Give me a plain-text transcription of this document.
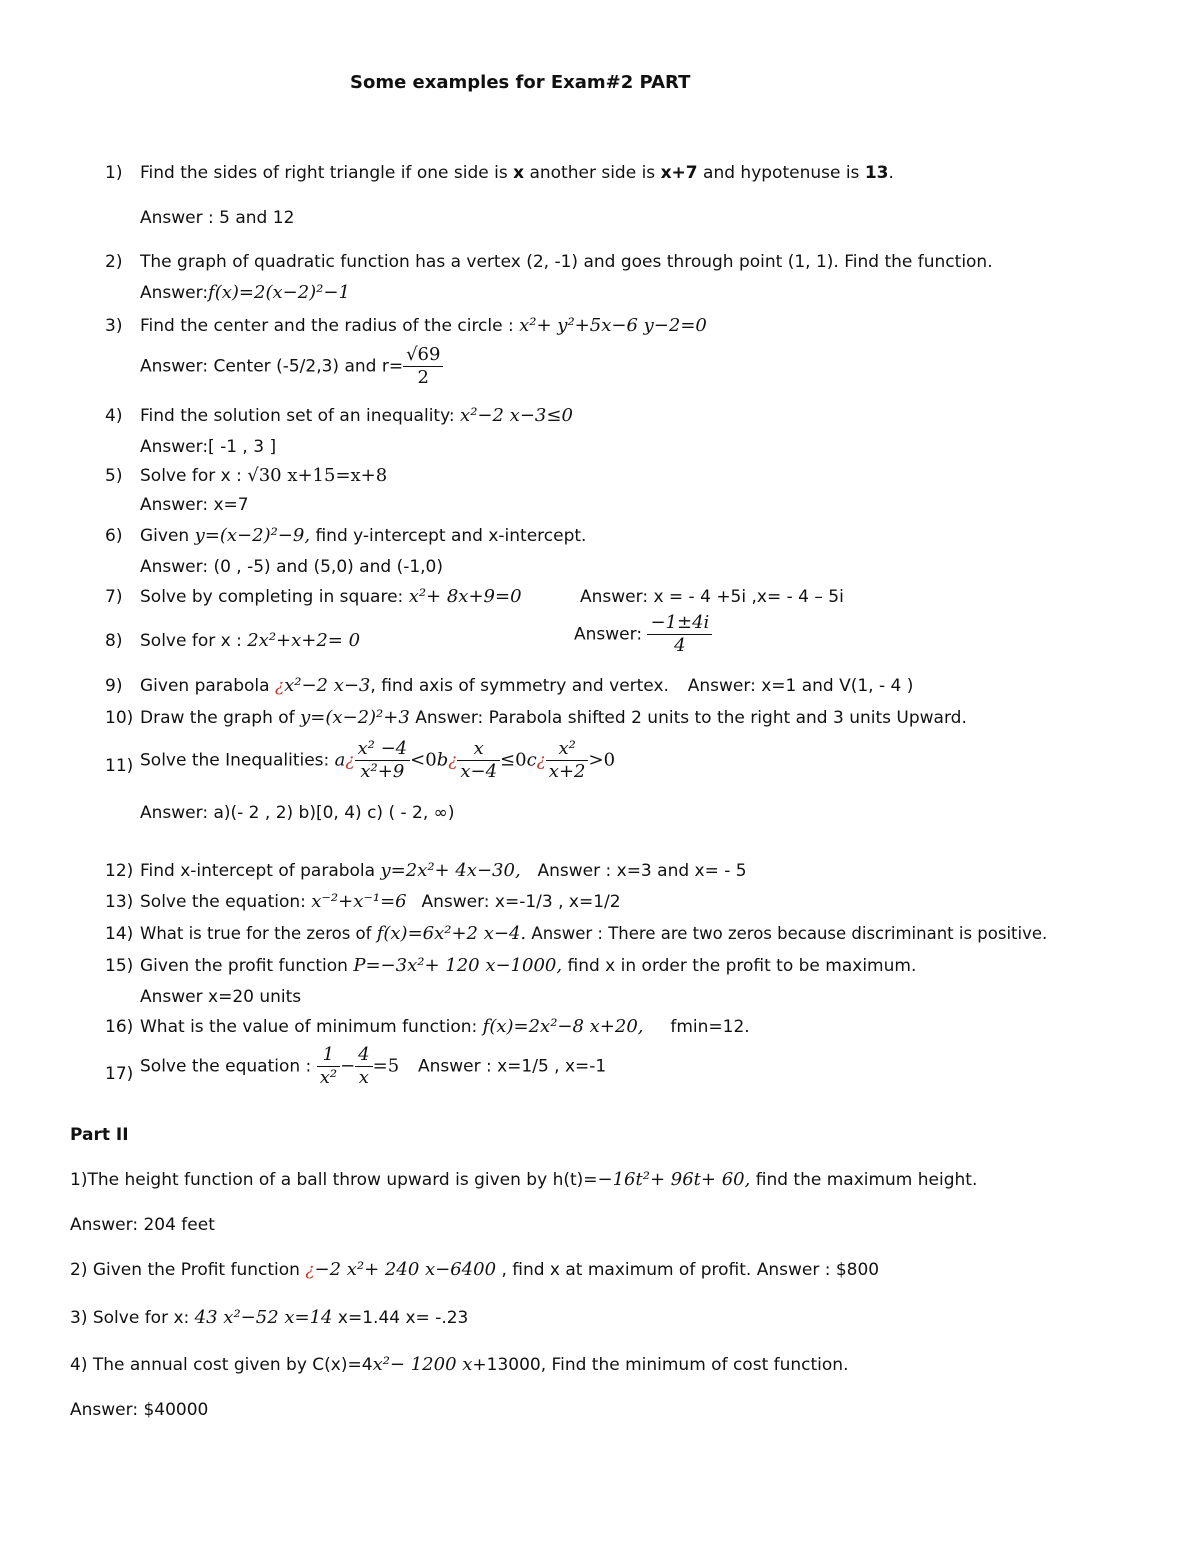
Some examples for Exam#2 PART
1)	Find the sides of right triangle if one side is x another side is x+7 and hypotenuse is 13.
Answer : 5 and 12
2)	The graph of quadratic function has a vertex (2, -1) and goes through point (1, 1). Find the function.
Answer:f(x)=2(x−2)²−1
3)	Find the center and the radius of the circle : x²+ y²+5x−6 y−2=0
Answer: Center (-5/2,3) and $r= \frac{√69}{2}$
4)	Find the solution set of an inequality: x²−2 x−3≤0
Answer:[ -1 , 3 ]
5)	Solve for x : √30 x+15=x+8
Answer: x=7
6)	Given y=(x−2)²−9, find y-intercept and x-intercept.
Answer: (0 , -5) and (5,0) and (-1,0)
7)	Solve by completing in square: x²+ 8x+9=0	Answer: x = - 4 +5i ,x= - 4 – 5i
8)	Solve for x : 2x²+x+2= 0	Answer: $\frac{-1\pm 4i}{4}$
9)	Given parabola ¿x²−2 x−3, find axis of symmetry and vertex. Answer: x=1 and V(1, - 4 )
10) Draw the graph of y=(x−2)²+3 Answer: Parabola shifted 2 units to the right and 3 units Upward.
11) Solve the Inequalities: a¿ $\frac{\text{x² −4}}{\text{x²+9}}$ <0b¿ $\frac{x}{x-4}$ ≤0c¿ $\frac{\text{x²}}{x+2} >0$
Answer: a)(- 2 , 2) b)[0, 4) c) ( - 2, ∞)
12) Find x-intercept of parabola y=2x²+ 4x−30, Answer : x=3 and x= - 5
13) Solve the equation: x⁻²+x⁻¹=6 Answer: x=-1/3 , x=1/2
14) What is true for the zeros of f(x)=6x²+2 x−4. Answer : There are two zeros because discriminant is positive.
15) Given the profit function P=−3x²+ 120 x−1000, find x in order the profit to be maximum.
Answer x=20 units
16) What is the value of minimum function: f(x)=2x²−8 x+20, fmin=12.
17) Solve the equation : $\frac{1}{\text{x²}} - \frac{4}{x} =5$ Answer : x=1/5 , x=-1
Part II
1)The height function of a ball throw upward is given by h(t)=−16t²+ 96t+ 60, find the maximum height.
Answer: 204 feet
2) Given the Profit function ¿−2 x²+ 240 x−6400 , find x at maximum of profit. Answer : $800
3) Solve for x: 43 x²−52 x=14 x=1.44 x= -.23
4) The annual cost given by C(x)=4x²− 1200 x+13000, Find the minimum of cost function.
Answer: $40000
